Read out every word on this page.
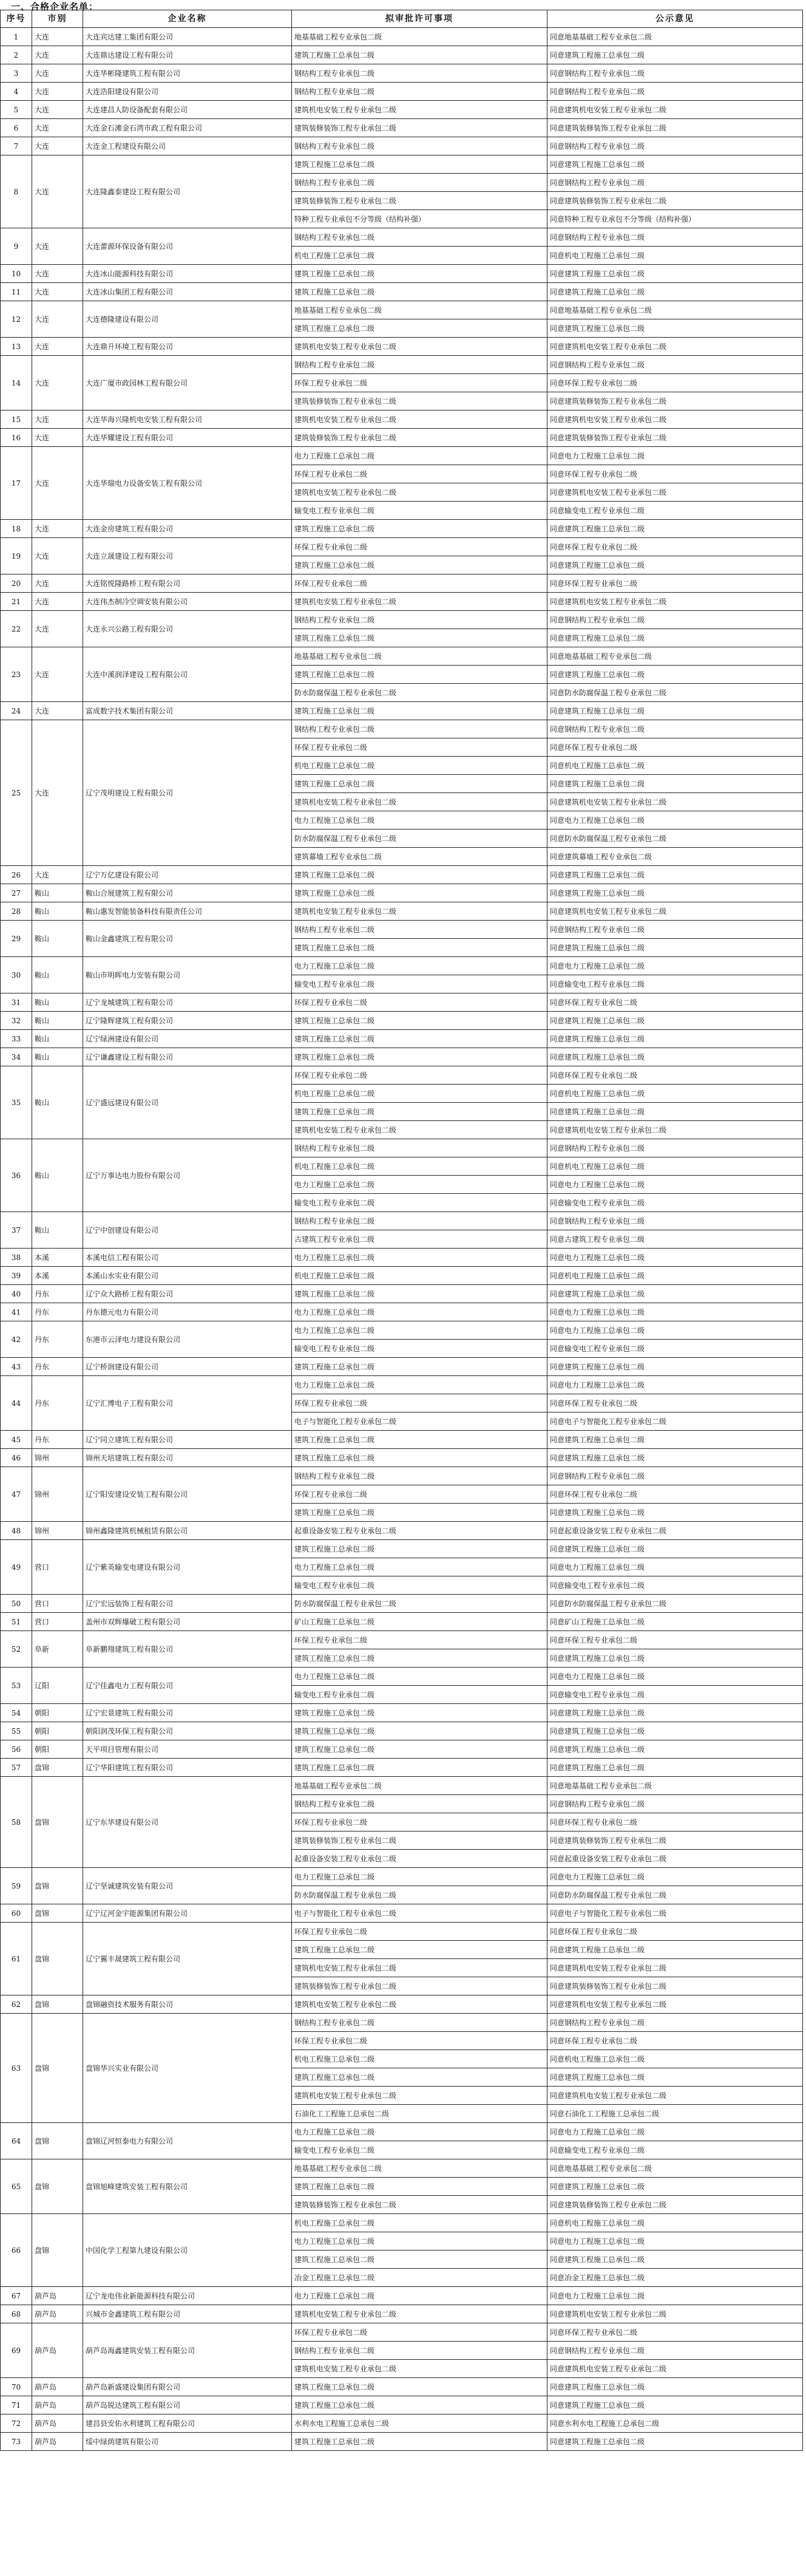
一、合格企业名单：
序号	市别	企业名称	拟审批许可事项	公示意见
1	大连	大连宾达建工集团有限公司	地基基础工程专业承包二级	同意地基基础工程专业承包二级
2	大连	大连鼎达建设工程有限公司	建筑工程施工总承包二级	同意建筑工程施工总承包二级
3	大连	大连华彬隆建筑工程有限公司	钢结构工程专业承包二级	同意钢结构工程专业承包二级
4	大连	大连浩阳建设有限公司	钢结构工程专业承包二级	同意钢结构工程专业承包二级
5	大连	大连建昌人防设备配套有限公司	建筑机电安装工程专业承包二级	同意建筑机电安装工程专业承包二级
6	大连	大连金石滩金石湾市政工程有限公司	建筑装修装饰工程专业承包二级	同意建筑装修装饰工程专业承包二级
7	大连	大连金工程建设有限公司	钢结构工程专业承包二级	同意钢结构工程专业承包二级
8	大连	大连隆鑫泰建设工程有限公司	建筑工程施工总承包二级	同意建筑工程施工总承包二级
			钢结构工程专业承包二级	同意钢结构工程专业承包二级
			建筑装修装饰工程专业承包二级	同意建筑装修装饰工程专业承包二级
			特种工程专业承包不分等级（结构补强）	同意特种工程专业承包不分等级（结构补强）
9	大连	大连蕾源环保设备有限公司	钢结构工程专业承包二级	同意钢结构工程专业承包二级
			机电工程施工总承包二级	同意机电工程施工总承包二级
10	大连	大连冰山能源科技有限公司	建筑工程施工总承包二级	同意建筑工程施工总承包二级
11	大连	大连冰山集团工程有限公司	建筑工程施工总承包二级	同意建筑工程施工总承包二级
12	大连	大连德隆建设有限公司	地基基础工程专业承包二级	同意地基基础工程专业承包二级
			建筑工程施工总承包二级	同意建筑工程施工总承包二级
13	大连	大连鼎升环境工程有限公司	建筑机电安装工程专业承包二级	同意建筑机电安装工程专业承包二级
14	大连	大连广厦市政园林工程有限公司	钢结构工程专业承包二级	同意钢结构工程专业承包二级
			环保工程专业承包二级	同意环保工程专业承包二级
			建筑装修装饰工程专业承包二级	同意建筑装修装饰工程专业承包二级
15	大连	大连华海兴隆机电安装工程有限公司	建筑机电安装工程专业承包二级	同意建筑机电安装工程专业承包二级
16	大连	大连华耀建设工程有限公司	建筑装修装饰工程专业承包二级	同意建筑装修装饰工程专业承包二级
17	大连	大连华瑞电力设备安装工程有限公司	电力工程施工总承包二级	同意电力工程施工总承包二级
			环保工程专业承包二级	同意环保工程专业承包二级
			建筑机电安装工程专业承包二级	同意建筑机电安装工程专业承包二级
			输变电工程专业承包二级	同意输变电工程专业承包二级
18	大连	大连金房建筑工程有限公司	建筑工程施工总承包二级	同意建筑工程施工总承包二级
19	大连	大连立晟建设工程有限公司	环保工程专业承包二级	同意环保工程专业承包二级
			建筑工程施工总承包二级	同意建筑工程施工总承包二级
20	大连	大连铭悦隆路桥工程有限公司	环保工程专业承包二级	同意环保工程专业承包二级
21	大连	大连伟杰制冷空调安装有限公司	建筑机电安装工程专业承包二级	同意建筑机电安装工程专业承包二级
22	大连	大连永兴公路工程有限公司	钢结构工程专业承包二级	同意钢结构工程专业承包二级
			建筑工程施工总承包二级	同意建筑工程施工总承包二级
23	大连	大连中溪润泽建设工程有限公司	地基基础工程专业承包二级	同意地基基础工程专业承包二级
			建筑工程施工总承包二级	同意建筑工程施工总承包二级
			防水防腐保温工程专业承包二级	同意防水防腐保温工程专业承包二级
24	大连	富成数字技术集团有限公司	建筑工程施工总承包二级	同意建筑工程施工总承包二级
25	大连	辽宁茂明建设工程有限公司	钢结构工程专业承包二级	同意钢结构工程专业承包二级
			环保工程专业承包二级	同意环保工程专业承包二级
			机电工程施工总承包二级	同意机电工程施工总承包二级
			建筑工程施工总承包二级	同意建筑工程施工总承包二级
			建筑机电安装工程专业承包二级	同意建筑机电安装工程专业承包二级
			电力工程施工总承包二级	同意电力工程施工总承包二级
			防水防腐保温工程专业承包二级	同意防水防腐保温工程专业承包二级
			建筑幕墙工程专业承包二级	同意建筑幕墙工程专业承包二级
26	大连	辽宁万亿建设有限公司	建筑工程施工总承包二级	同意建筑工程施工总承包二级
27	鞍山	鞍山合展建筑工程有限公司	建筑工程施工总承包二级	同意建筑工程施工总承包二级
28	鞍山	鞍山惠发智能装备科技有限责任公司	建筑机电安装工程专业承包二级	同意建筑机电安装工程专业承包二级
29	鞍山	鞍山金鑫建筑工程有限公司	钢结构工程专业承包二级	同意钢结构工程专业承包二级
			建筑工程施工总承包二级	同意建筑工程施工总承包二级
30	鞍山	鞍山市明晖电力安装有限公司	电力工程施工总承包二级	同意电力工程施工总承包二级
			输变电工程专业承包二级	同意输变电工程专业承包二级
31	鞍山	辽宁龙城建筑工程有限公司	环保工程专业承包二级	同意环保工程专业承包二级
32	鞍山	辽宁隆辉建筑工程有限公司	建筑工程施工总承包二级	同意建筑工程施工总承包二级
33	鞍山	辽宁绿洲建设有限公司	建筑工程施工总承包二级	同意建筑工程施工总承包二级
34	鞍山	辽宁谦鑫建设工程有限公司	建筑工程施工总承包二级	同意建筑工程施工总承包二级
35	鞍山	辽宁盛远建设有限公司	环保工程专业承包二级	同意环保工程专业承包二级
			机电工程施工总承包二级	同意机电工程施工总承包二级
			建筑工程施工总承包二级	同意建筑工程施工总承包二级
			建筑机电安装工程专业承包二级	同意建筑机电安装工程专业承包二级
36	鞍山	辽宁万事达电力股份有限公司	钢结构工程专业承包二级	同意钢结构工程专业承包二级
			机电工程施工总承包二级	同意机电工程施工总承包二级
			电力工程施工总承包二级	同意电力工程施工总承包二级
			输变电工程专业承包二级	同意输变电工程专业承包二级
37	鞍山	辽宁中创建设有限公司	钢结构工程专业承包二级	同意钢结构工程专业承包二级
			古建筑工程专业承包二级	同意古建筑工程专业承包二级
38	本溪	本溪电信工程有限公司	电力工程施工总承包二级	同意电力工程施工总承包二级
39	本溪	本溪山水实业有限公司	机电工程施工总承包二级	同意机电工程施工总承包二级
40	丹东	辽宁众大路桥工程有限公司	建筑工程施工总承包二级	同意建筑工程施工总承包二级
41	丹东	丹东德元电力有限公司	电力工程施工总承包二级	同意电力工程施工总承包二级
42	丹东	东港市云泽电力建设有限公司	电力工程施工总承包二级	同意电力工程施工总承包二级
			输变电工程专业承包二级	同意输变电工程专业承包二级
43	丹东	辽宁桥润建设有限公司	建筑工程施工总承包二级	同意建筑工程施工总承包二级
44	丹东	辽宁汇博电子工程有限公司	电力工程施工总承包二级	同意电力工程施工总承包二级
			环保工程专业承包二级	同意环保工程专业承包二级
			电子与智能化工程专业承包二级	同意电子与智能化工程专业承包二级
45	丹东	辽宁同立建筑工程有限公司	建筑工程施工总承包二级	同意建筑工程施工总承包二级
46	锦州	锦州天培建筑工程有限公司	建筑工程施工总承包二级	同意建筑工程施工总承包二级
47	锦州	辽宁阳安建设安装工程有限公司	钢结构工程专业承包二级	同意钢结构工程专业承包二级
			环保工程专业承包二级	同意环保工程专业承包二级
			建筑工程施工总承包二级	同意建筑工程施工总承包二级
48	锦州	锦州鑫隆建筑机械租赁有限公司	起重设备安装工程专业承包二级	同意起重设备安装工程专业承包二级
49	营口	辽宁紫英输变电建设有限公司	建筑工程施工总承包二级	同意建筑工程施工总承包二级
			电力工程施工总承包二级	同意电力工程施工总承包二级
			输变电工程专业承包二级	同意输变电工程专业承包二级
50	营口	辽宁宏远装饰工程有限公司	防水防腐保温工程专业承包二级	同意防水防腐保温工程专业承包二级
51	营口	盖州市双辉爆破工程有限公司	矿山工程施工总承包二级	同意矿山工程施工总承包二级
52	阜新	阜新鹏翔建筑工程有限公司	环保工程专业承包二级	同意环保工程专业承包二级
			建筑工程施工总承包二级	同意建筑工程施工总承包二级
53	辽阳	辽宁佳鑫电力工程有限公司	电力工程施工总承包二级	同意电力工程施工总承包二级
			输变电工程专业承包二级	同意输变电工程专业承包二级
54	朝阳	辽宁宏景建筑工程有限公司	建筑工程施工总承包二级	同意建筑工程施工总承包二级
55	朝阳	朝阳润茂环保工程有限公司	建筑工程施工总承包二级	同意建筑工程施工总承包二级
56	朝阳	天平项目管理有限公司	建筑工程施工总承包二级	同意建筑工程施工总承包二级
57	盘锦	辽宁华阳建筑工程有限公司	建筑工程施工总承包二级	同意建筑工程施工总承包二级
58	盘锦	辽宁东华建设有限公司	地基基础工程专业承包二级	同意地基基础工程专业承包二级
			钢结构工程专业承包二级	同意钢结构工程专业承包二级
			环保工程专业承包二级	同意环保工程专业承包二级
			建筑装修装饰工程专业承包二级	同意建筑装修装饰工程专业承包二级
			起重设备安装工程专业承包二级	同意起重设备安装工程专业承包二级
59	盘锦	辽宁坚诚建筑安装有限公司	电力工程施工总承包二级	同意电力工程施工总承包二级
			防水防腐保温工程专业承包二级	同意防水防腐保温工程专业承包二级
60	盘锦	辽宁辽河金宇能源集团有限公司	电子与智能化工程专业承包二级	同意电子与智能化工程专业承包二级
61	盘锦	辽宁翼丰晟建筑工程有限公司	环保工程专业承包二级	同意环保工程专业承包二级
			建筑工程施工总承包二级	同意建筑工程施工总承包二级
			建筑机电安装工程专业承包二级	同意建筑机电安装工程专业承包二级
			建筑装修装饰工程专业承包二级	同意建筑装修装饰工程专业承包二级
62	盘锦	盘锦融资技术服务有限公司	建筑机电安装工程专业承包二级	同意建筑机电安装工程专业承包二级
63	盘锦	盘锦华兴实业有限公司	钢结构工程专业承包二级	同意钢结构工程专业承包二级
			环保工程专业承包二级	同意环保工程专业承包二级
			机电工程施工总承包二级	同意机电工程施工总承包二级
			建筑工程施工总承包二级	同意建筑工程施工总承包二级
			建筑机电安装工程专业承包二级	同意建筑机电安装工程专业承包二级
			石油化工工程施工总承包二级	同意石油化工工程施工总承包二级
64	盘锦	盘锦辽河恒泰电力有限公司	电力工程施工总承包二级	同意电力工程施工总承包二级
			输变电工程专业承包二级	同意输变电工程专业承包二级
65	盘锦	盘锦旭峰建筑安装工程有限公司	地基基础工程专业承包二级	同意地基基础工程专业承包二级
			建筑工程施工总承包二级	同意建筑工程施工总承包二级
			建筑装修装饰工程专业承包二级	同意建筑装修装饰工程专业承包二级
66	盘锦	中国化学工程第九建设有限公司	机电工程施工总承包二级	同意机电工程施工总承包二级
			电力工程施工总承包二级	同意电力工程施工总承包二级
			建筑工程施工总承包二级	同意建筑工程施工总承包二级
			冶金工程施工总承包二级	同意冶金工程施工总承包二级
67	葫芦岛	辽宁龙电伟业新能源科技有限公司	电力工程施工总承包二级	同意电力工程施工总承包二级
68	葫芦岛	兴城市金鑫建筑工程有限公司	建筑机电安装工程专业承包二级	同意建筑机电安装工程专业承包二级
69	葫芦岛	葫芦岛海鑫建筑安装工程有限公司	环保工程专业承包二级	同意环保工程专业承包二级
			钢结构工程专业承包二级	同意钢结构工程专业承包二级
			建筑机电安装工程专业承包二级	同意建筑机电安装工程专业承包二级
70	葫芦岛	葫芦岛新盛建设集团有限公司	建筑工程施工总承包二级	同意建筑工程施工总承包二级
71	葫芦岛	葫芦岛锐达建筑工程有限公司	建筑工程施工总承包二级	同意建筑工程施工总承包二级
72	葫芦岛	建昌县安佑水利建筑工程有限公司	水利水电工程施工总承包二级	同意水利水电工程施工总承包二级
73	葫芦岛	绥中绿荫建筑有限公司	建筑工程施工总承包二级	同意建筑工程施工总承包二级
